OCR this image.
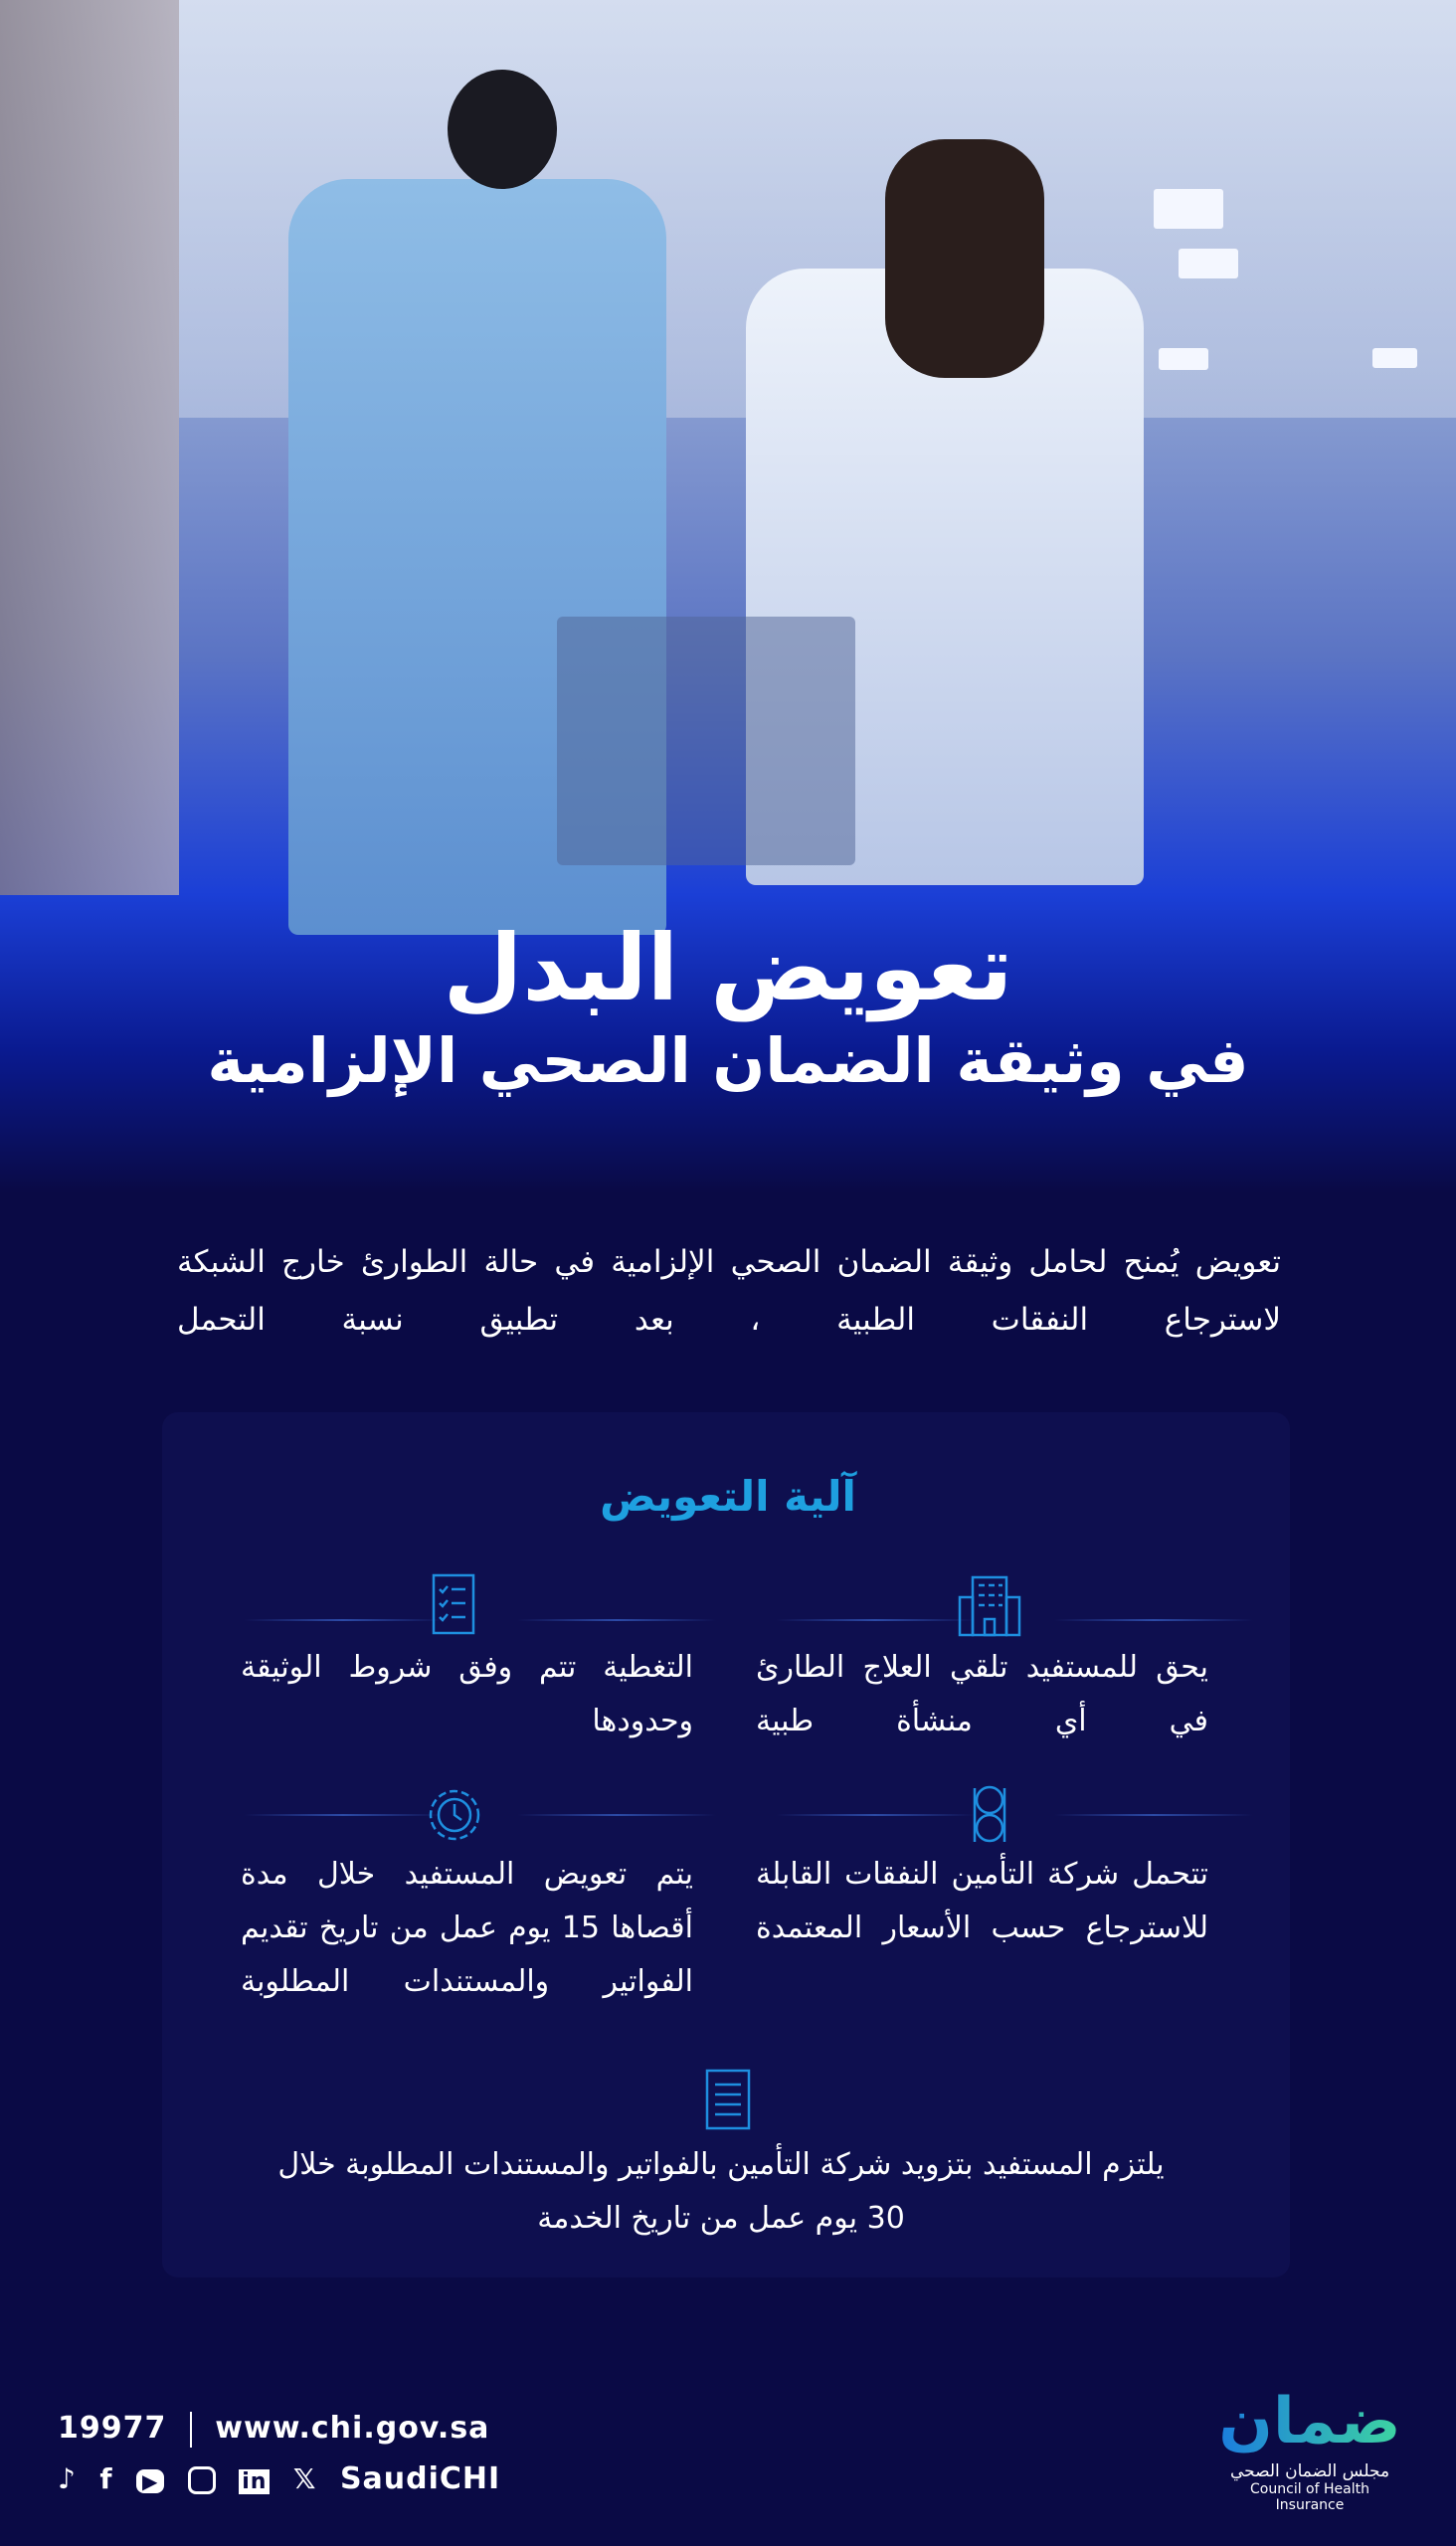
تعويض البدل
في وثيقة الضمان الصحي الإلزامية
تعويض يُمنح لحامل وثيقة الضمان الصحي الإلزامية في حالة الطوارئ خارج الشبكة لاسترجاع النفقات الطبية ، بعد تطبيق نسبة التحمل
آلية التعويض
يحق للمستفيد تلقي العلاج الطارئ في أي منشأة طبية
التغطية تتم وفق شروط الوثيقة وحدودها
تتحمل شركة التأمين النفقات القابلة للاسترجاع حسب الأسعار المعتمدة
يتم تعويض المستفيد خلال مدة أقصاها 15 يوم عمل من تاريخ تقديم الفواتير والمستندات المطلوبة
يلتزم المستفيد بتزويد شركة التأمين بالفواتير والمستندات المطلوبة خلال 30 يوم عمل من تاريخ الخدمة
19977 www.chi.gov.sa
♪ f ▶	in 𝕏 SaudiCHI
ضمان
مجلس الضمان الصحي
Council of Health Insurance
